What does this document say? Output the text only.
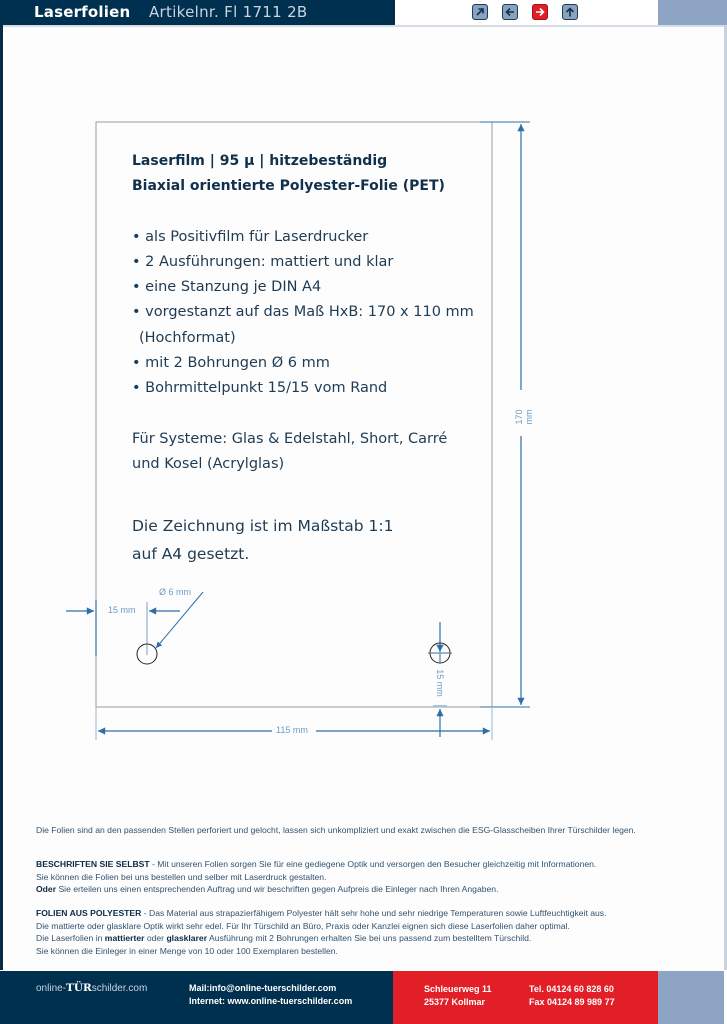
Laserfolien Artikelnr. Fl 1711 2B
170 mm
115 mm
15 mm
15 mm
Ø 6 mm
Laserfilm | 95 µ | hitzebeständig
Biaxial orientierte Polyester-Folie (PET)
• als Positivfilm für Laserdrucker
• 2 Ausführungen: mattiert und klar
• eine Stanzung je DIN A4
• vorgestanzt auf das Maß HxB: 170 x 110 mm
(Hochformat)
• mit 2 Bohrungen Ø 6 mm
• Bohrmittelpunkt 15/15 vom Rand
Für Systeme: Glas & Edelstahl, Short, Carré
und Kosel (Acrylglas)
Die Zeichnung ist im Maßstab 1:1
auf A4 gesetzt.
Die Folien sind an den passenden Stellen perforiert und gelocht, lassen sich unkompliziert und exakt zwischen die ESG-Glasscheiben Ihrer Türschilder legen.
BESCHRIFTEN SIE SELBST - Mit unseren Folien sorgen Sie für eine gediegene Optik und versorgen den Besucher gleichzeitig mit Informationen.
Sie können die Folien bei uns bestellen und selber mit Laserdruck gestalten.
Oder Sie erteilen uns einen entsprechenden Auftrag und wir beschriften gegen Aufpreis die Einleger nach Ihren Angaben.
FOLIEN AUS POLYESTER - Das Material aus strapazierfähigem Polyester hält sehr hohe und sehr niedrige Temperaturen sowie Luftfeuchtigkeit aus.
Die mattierte oder glasklare Optik wirkt sehr edel. Für Ihr Türschild an Büro, Praxis oder Kanzlei eignen sich diese Laserfolien daher optimal.
Die Laserfolien in mattierter oder glasklarer Ausführung mit 2 Bohrungen erhalten Sie bei uns passend zum bestelltem Türschild.
Sie können die Einleger in einer Menge von 10 oder 100 Exemplaren bestellen.
online-TÜRschilder.com	Mail:info@online-tuerschilder.com
Internet: www.online-tuerschilder.com
Schleuerweg 11
25377 Kollmar
Tel. 04124 60 828 60
Fax 04124 89 989 77
